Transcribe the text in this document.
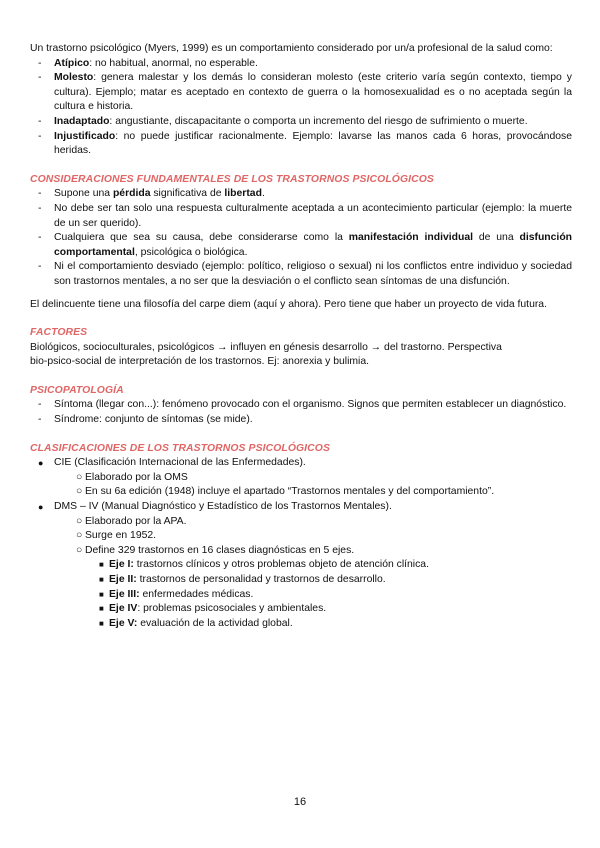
Un trastorno psicológico (Myers, 1999) es un comportamiento considerado por un/a profesional de la salud como:

- Atípico: no habitual, anormal, no esperable.
- Molesto: genera malestar y los demás lo consideran molesto (este criterio varía según contexto, tiempo y cultura). Ejemplo; matar es aceptado en contexto de guerra o la homosexualidad es o no aceptada según la cultura e historia.
- Inadaptado: angustiante, discapacitante o comporta un incremento del riesgo de sufrimiento o muerte.
- Injustificado: no puede justificar racionalmente. Ejemplo: lavarse las manos cada 6 horas, provocándose heridas.

CONSIDERACIONES FUNDAMENTALES DE LOS TRASTORNOS PSICOLÓGICOS

- Supone una pérdida significativa de libertad.
- No debe ser tan solo una respuesta culturalmente aceptada a un acontecimiento particular (ejemplo: la muerte de un ser querido).
- Cualquiera que sea su causa, debe considerarse como la manifestación individual de una disfunción comportamental, psicológica o biológica.
- Ni el comportamiento desviado (ejemplo: político, religioso o sexual) ni los conflictos entre individuo y sociedad son trastornos mentales, a no ser que la desviación o el conflicto sean síntomas de una disfunción.

El delincuente tiene una filosofía del carpe diem (aquí y ahora). Pero tiene que haber un proyecto de vida futura.

FACTORES

Biológicos, socioculturales, psicológicos → influyen en génesis desarrollo → del trastorno. Perspectiva

bio-psico-social de interpretación de los trastornos. Ej: anorexia y bulimia.

PSICOPATOLOGÍA

- Síntoma (llegar con...): fenómeno provocado con el organismo. Signos que permiten establecer un diagnóstico.
- Síndrome: conjunto de síntomas (se mide).

CLASIFICACIONES DE LOS TRASTORNOS PSICOLÓGICOS

● CIE (Clasificación Internacional de las Enfermedades).
○ Elaborado por la OMS
○ En su 6a edición (1948) incluye el apartado “Trastornos mentales y del comportamiento”.
● DMS – IV (Manual Diagnóstico y Estadístico de los Trastornos Mentales).
○ Elaborado por la APA.
○ Surge en 1952.
○ Define 329 trastornos en 16 clases diagnósticas en 5 ejes.
■ Eje I: trastornos clínicos y otros problemas objeto de atención clínica.
■ Eje II: trastornos de personalidad y trastornos de desarrollo.
■ Eje III: enfermedades médicas.
■ Eje IV: problemas psicosociales y ambientales.
■ Eje V: evaluación de la actividad global.
16
